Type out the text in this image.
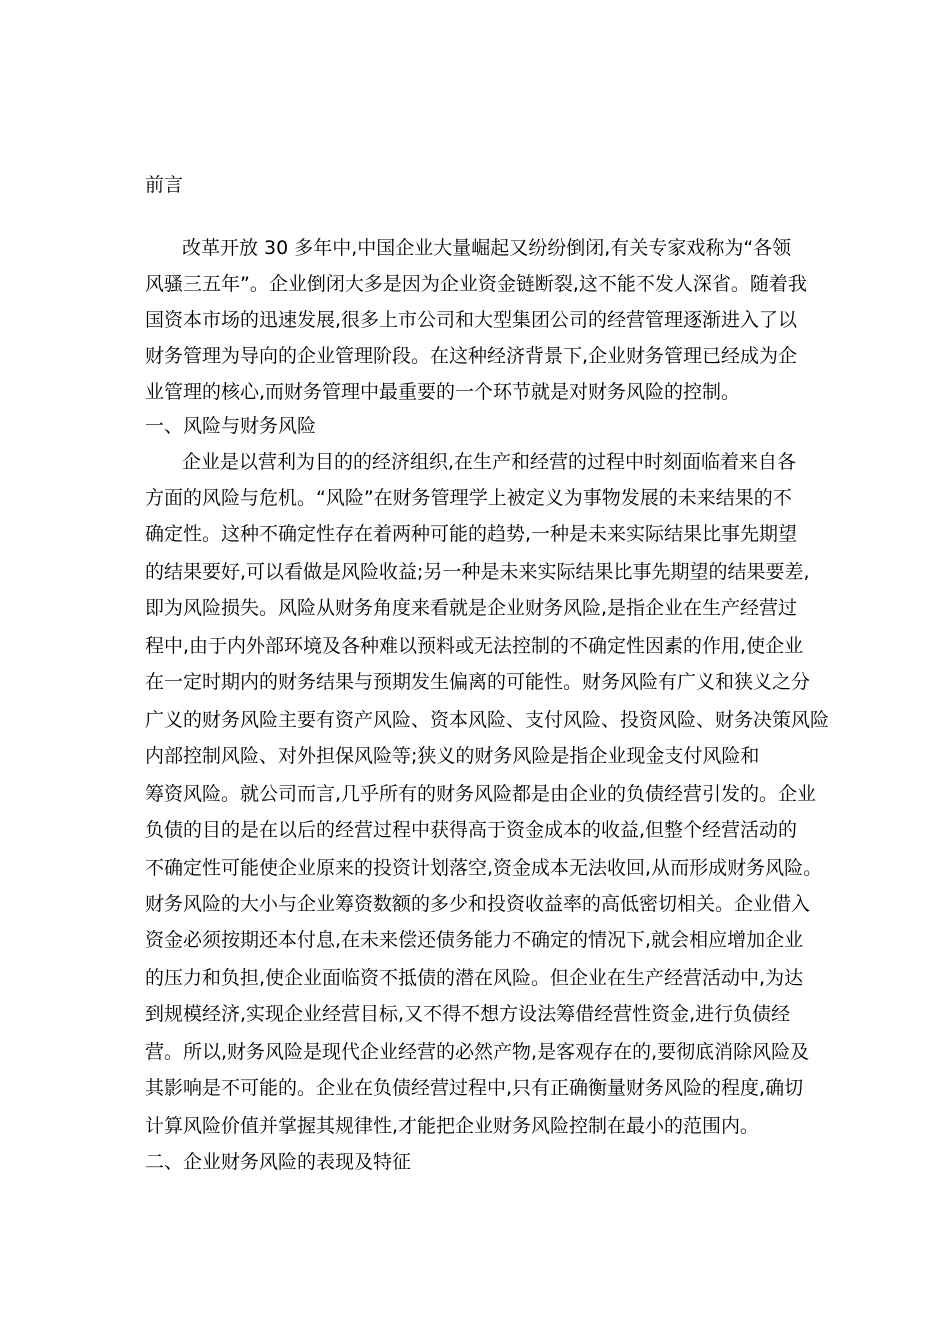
前言
改革开放 30 多年中,中国企业大量崛起又纷纷倒闭,有关专家戏称为“各领
风骚三五年”。企业倒闭大多是因为企业资金链断裂,这不能不发人深省。随着我
国资本市场的迅速发展,很多上市公司和大型集团公司的经营管理逐渐进入了以
财务管理为导向的企业管理阶段。在这种经济背景下,企业财务管理已经成为企
业管理的核心,而财务管理中最重要的一个环节就是对财务风险的控制。
一、风险与财务风险
企业是以营利为目的的经济组织,在生产和经营的过程中时刻面临着来自各
方面的风险与危机。“风险”在财务管理学上被定义为事物发展的未来结果的不
确定性。这种不确定性存在着两种可能的趋势,一种是未来实际结果比事先期望
的结果要好,可以看做是风险收益;另一种是未来实际结果比事先期望的结果要差,
即为风险损失。风险从财务角度来看就是企业财务风险,是指企业在生产经营过
程中,由于内外部环境及各种难以预料或无法控制的不确定性因素的作用,使企业
在一定时期内的财务结果与预期发生偏离的可能性。财务风险有广义和狭义之分
广义的财务风险主要有资产风险、资本风险、支付风险、投资风险、财务决策风险
内部控制风险、对外担保风险等;狭义的财务风险是指企业现金支付风险和
筹资风险。就公司而言,几乎所有的财务风险都是由企业的负债经营引发的。企业
负债的目的是在以后的经营过程中获得高于资金成本的收益,但整个经营活动的
不确定性可能使企业原来的投资计划落空,资金成本无法收回,从而形成财务风险。
财务风险的大小与企业筹资数额的多少和投资收益率的高低密切相关。企业借入
资金必须按期还本付息,在未来偿还债务能力不确定的情况下,就会相应增加企业
的压力和负担,使企业面临资不抵债的潜在风险。但企业在生产经营活动中,为达
到规模经济,实现企业经营目标,又不得不想方设法筹借经营性资金,进行负债经
营。所以,财务风险是现代企业经营的必然产物,是客观存在的,要彻底消除风险及
其影响是不可能的。企业在负债经营过程中,只有正确衡量财务风险的程度,确切
计算风险价值并掌握其规律性,才能把企业财务风险控制在最小的范围内。
二、企业财务风险的表现及特征
